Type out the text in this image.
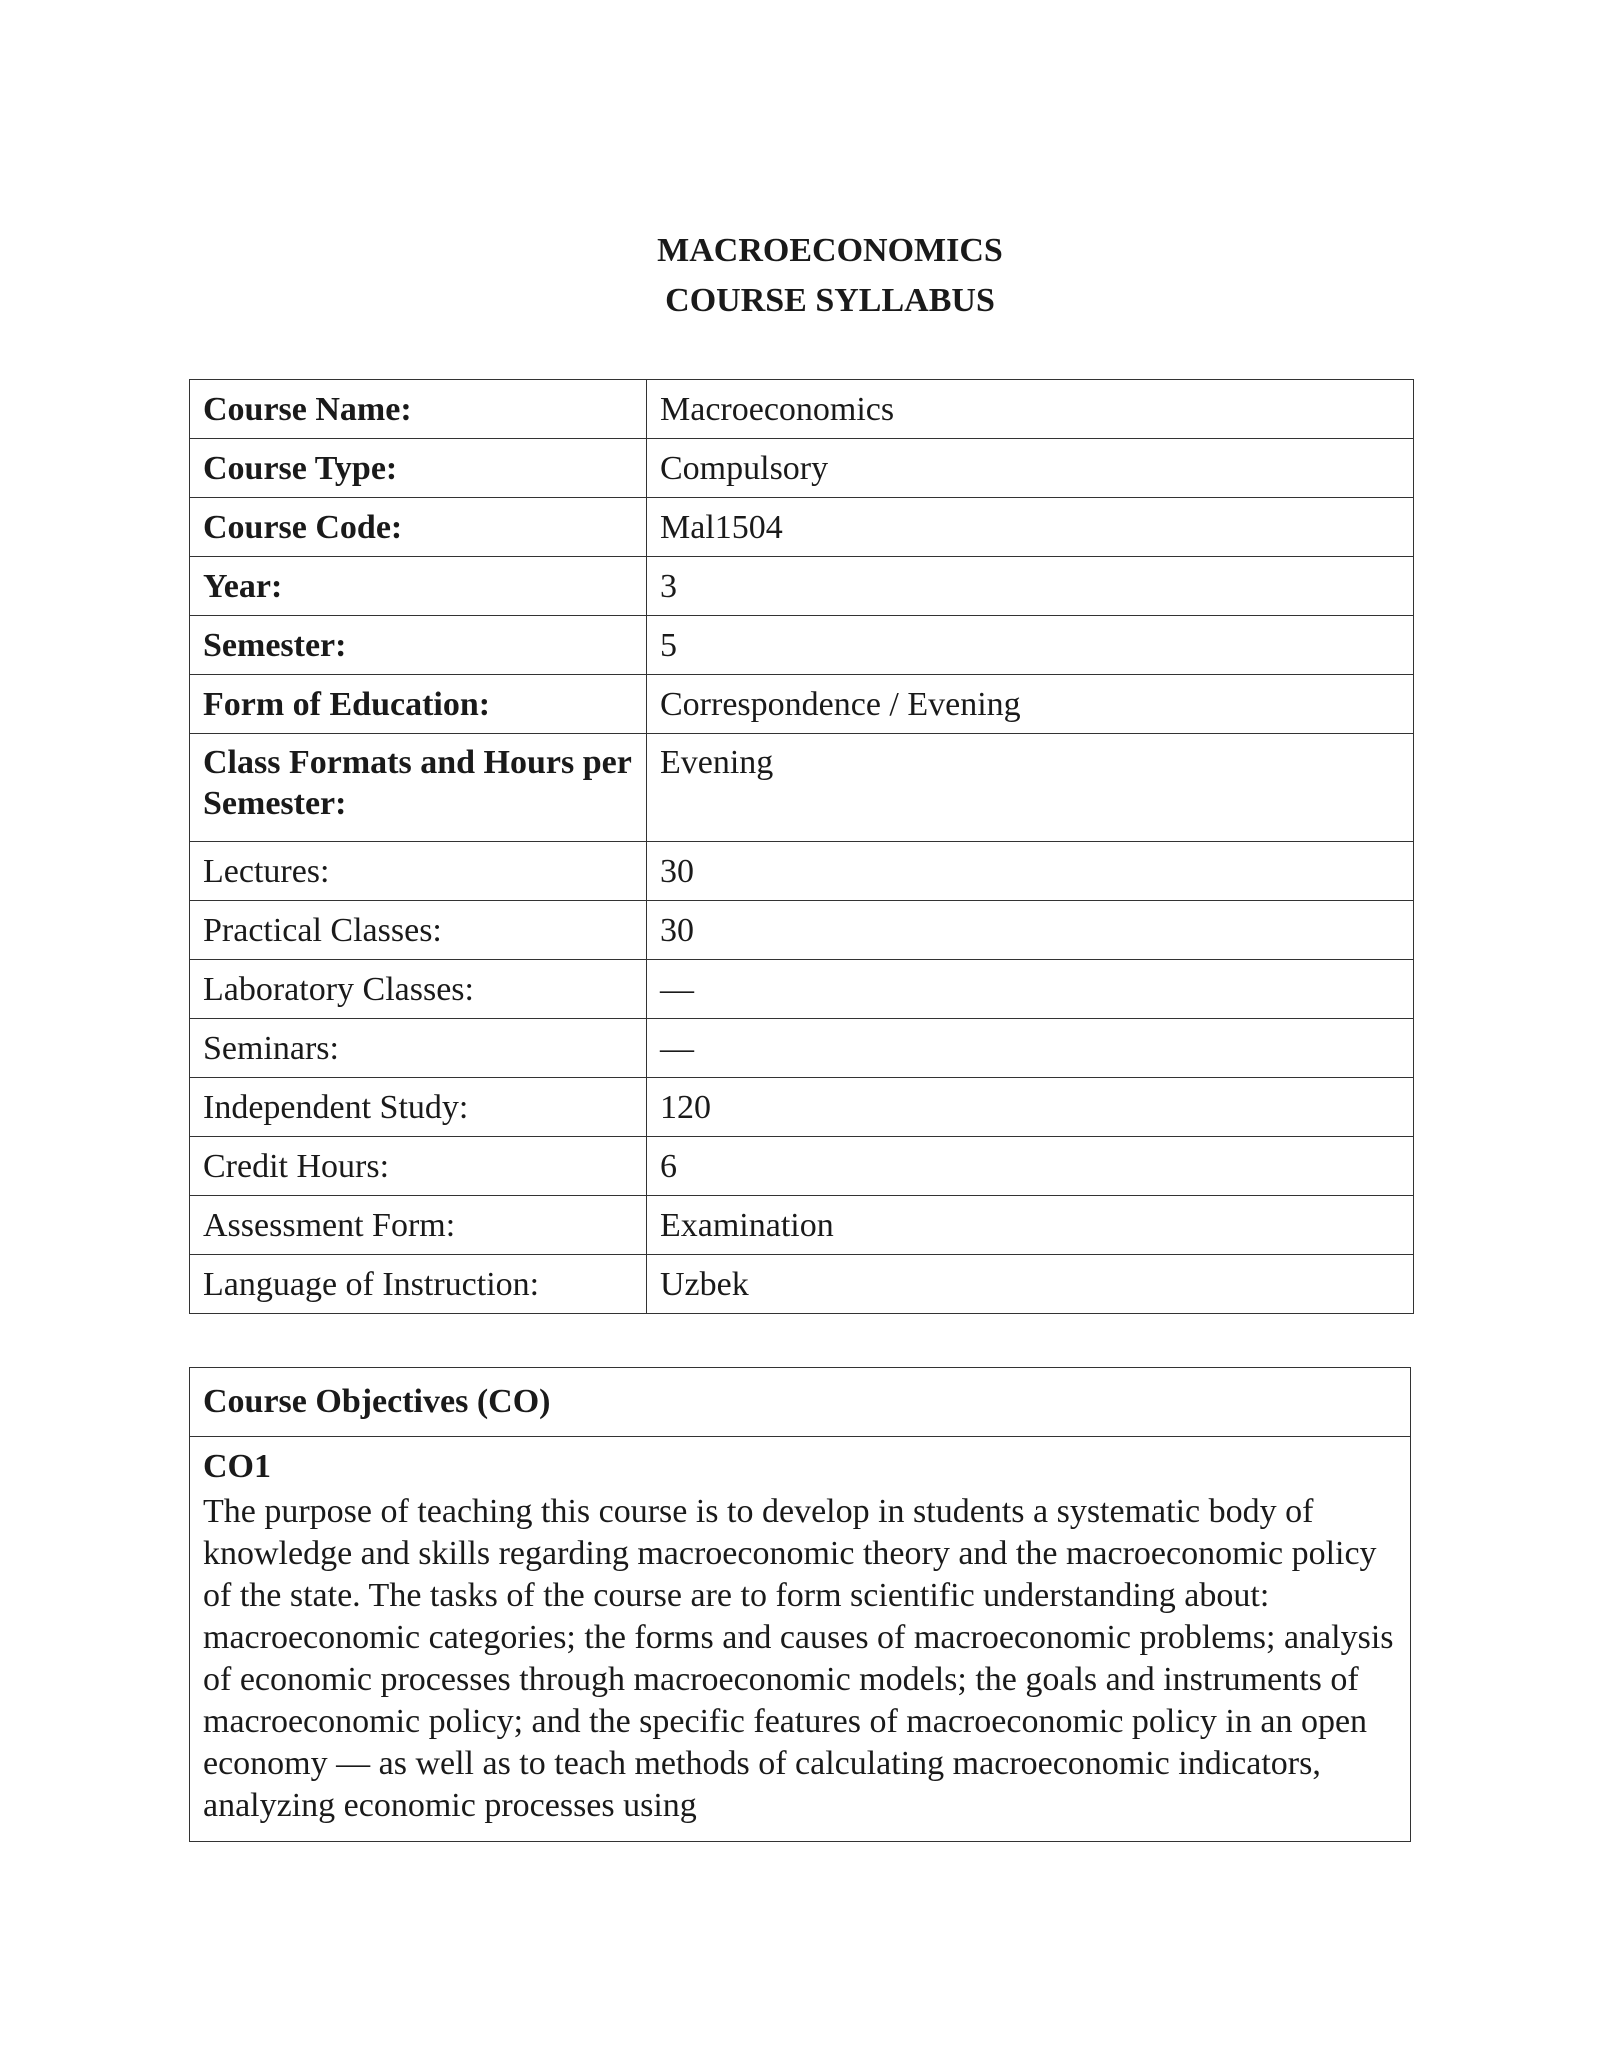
MACROECONOMICS
COURSE SYLLABUS
Course Name:	Macroeconomics
Course Type:	Compulsory
Course Code:	Mal1504
Year:	3
Semester:	5
Form of Education:	Correspondence / Evening
Class Formats and Hours per Semester:	Evening
Lectures:	30
Practical Classes:	30
Laboratory Classes:	—
Seminars:	—
Independent Study:	120
Credit Hours:	6
Assessment Form:	Examination
Language of Instruction:	Uzbek
Course Objectives (CO)
CO1

The purpose of teaching this course is to develop in students a systematic body of knowledge and skills regarding macroeconomic theory and the macroeconomic policy of the state. The tasks of the course are to form scientific understanding about: macroeconomic categories; the forms and causes of macroeconomic problems; analysis of economic processes through macroeconomic models; the goals and instruments of macroeconomic policy; and the specific features of macroeconomic policy in an open economy — as well as to teach methods of calculating macroeconomic indicators, analyzing economic processes using
